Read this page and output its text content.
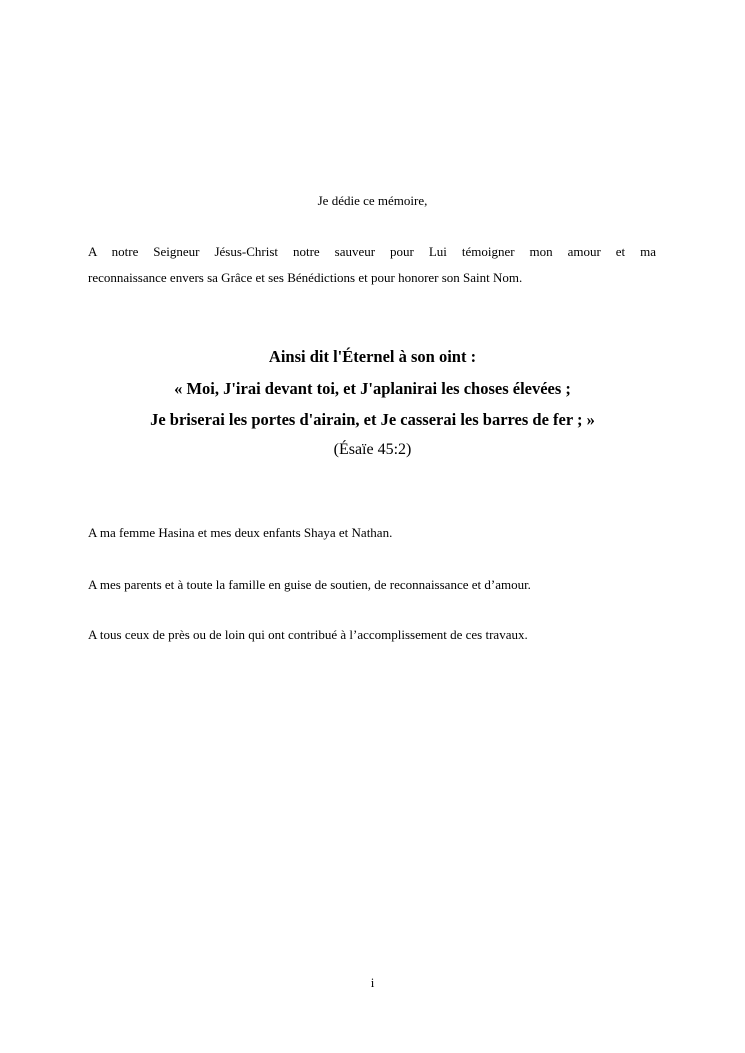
Je dédie ce mémoire,

A notre Seigneur Jésus-Christ notre sauveur pour Lui témoigner mon amour et ma

reconnaissance envers sa Grâce et ses Bénédictions et pour honorer son Saint Nom.

Ainsi dit l'Éternel à son oint :

« Moi, J'irai devant toi, et J'aplanirai les choses élevées ;

Je briserai les portes d'airain, et Je casserai les barres de fer ; »

(Ésaïe 45:2)

A ma femme Hasina et mes deux enfants Shaya et Nathan.

A mes parents et à toute la famille en guise de soutien, de reconnaissance et d’amour.

A tous ceux de près ou de loin qui ont contribué à l’accomplissement de ces travaux.

i
